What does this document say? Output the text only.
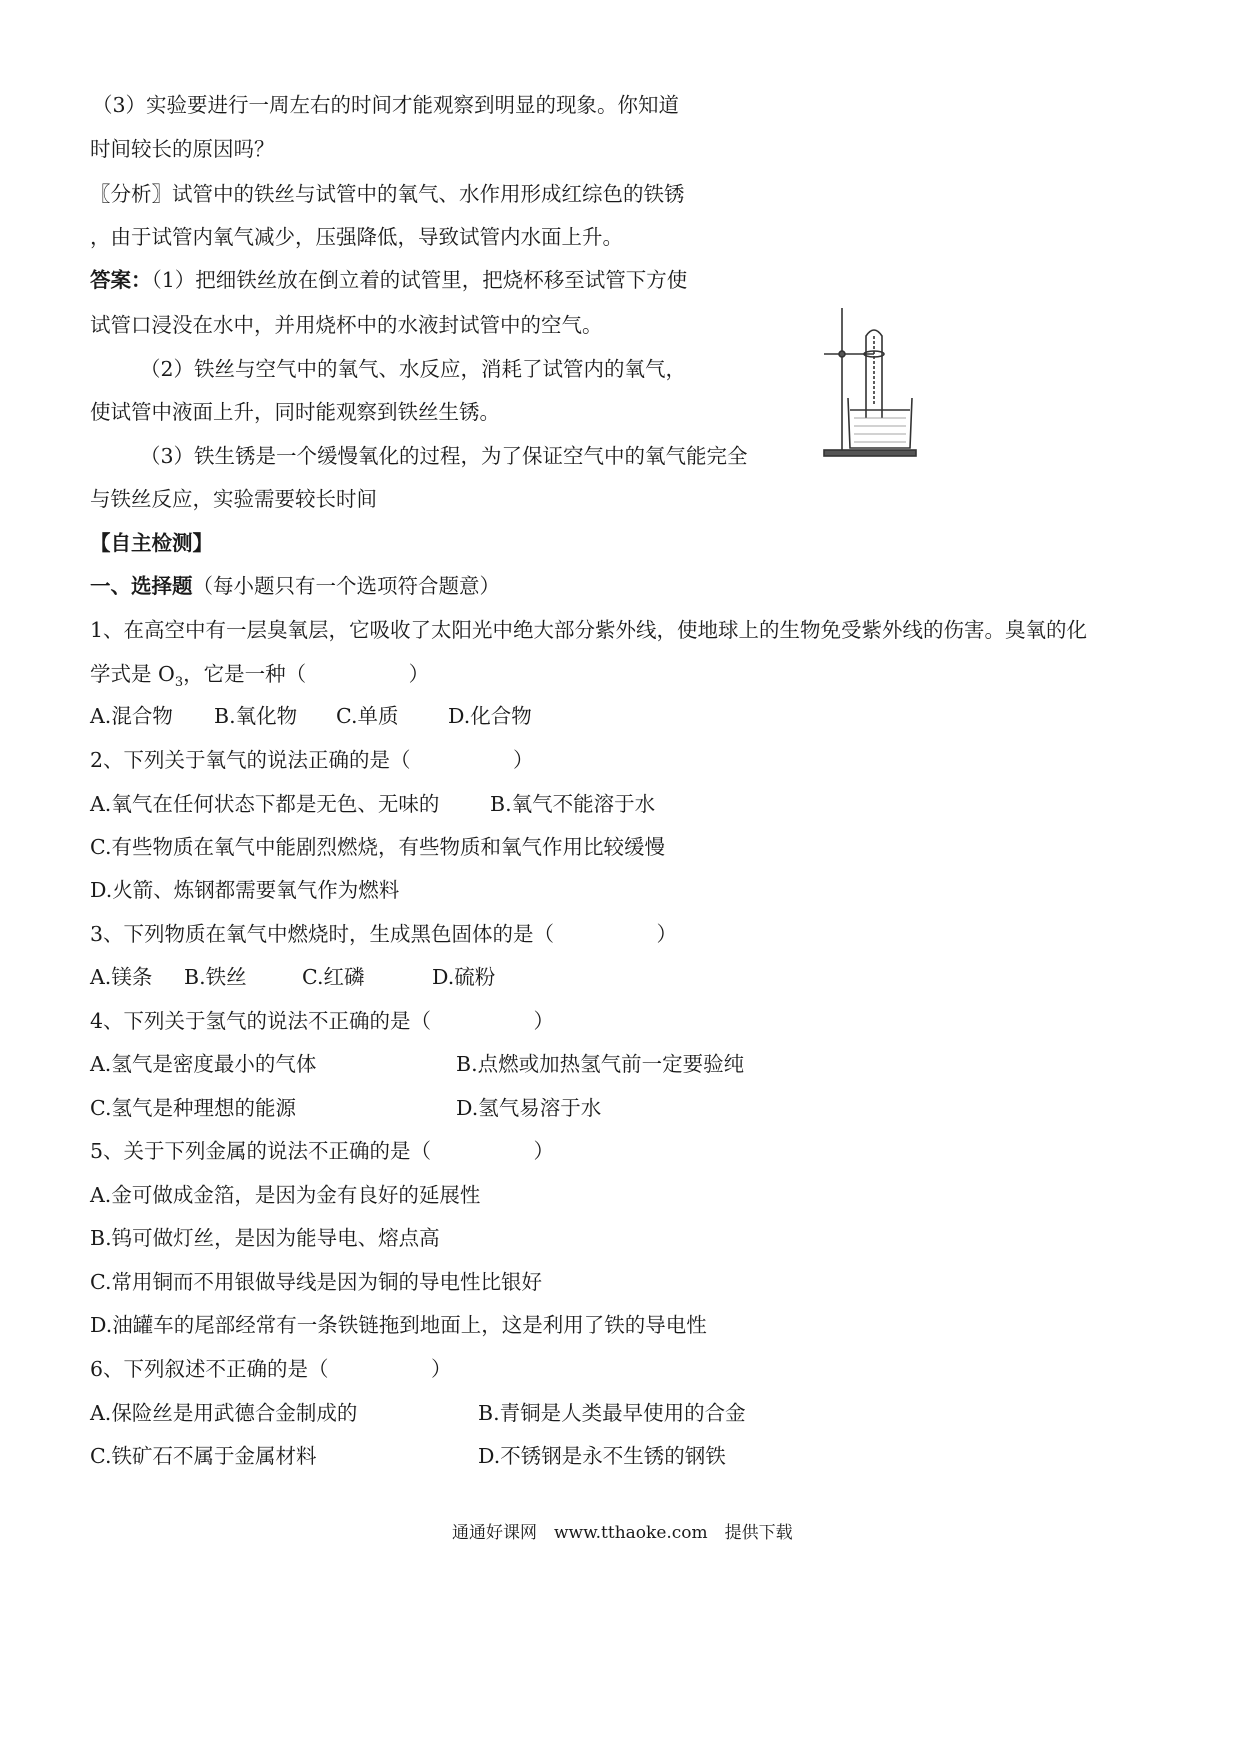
（3）实验要进行一周左右的时间才能观察到明显的现象。你知道
时间较长的原因吗？
〖分析〗试管中的铁丝与试管中的氧气、水作用形成红综色的铁锈
，由于试管内氧气减少，压强降低，导致试管内水面上升。
答案：（1）把细铁丝放在倒立着的试管里，把烧杯移至试管下方使
试管口浸没在水中，并用烧杯中的水液封试管中的空气。
（2）铁丝与空气中的氧气、水反应，消耗了试管内的氧气，
使试管中液面上升，同时能观察到铁丝生锈。
（3）铁生锈是一个缓慢氧化的过程，为了保证空气中的氧气能完全
与铁丝反应，实验需要较长时间
【自主检测】
一、选择题（每小题只有一个选项符合题意）
1、在高空中有一层臭氧层，它吸收了太阳光中绝大部分紫外线，使地球上的生物免受紫外线的伤害。臭氧的化
学式是 $O_3$，它是一种（　　　　　）
A.混合物 B.氧化物 C.单质 D.化合物
2、下列关于氧气的说法正确的是（　　　　　）
A.氧气在任何状态下都是无色、无味的 B.氧气不能溶于水
C.有些物质在氧气中能剧烈燃烧，有些物质和氧气作用比较缓慢
D.火箭、炼钢都需要氧气作为燃料
3、下列物质在氧气中燃烧时，生成黑色固体的是（　　　　　）
A.镁条 B.铁丝	C.红磷	D.硫粉
4、下列关于氢气的说法不正确的是（　　　　　）
A.氢气是密度最小的气体	B.点燃或加热氢气前一定要验纯
C.氢气是种理想的能源	D.氢气易溶于水
5、关于下列金属的说法不正确的是（　　　　　）
A.金可做成金箔，是因为金有良好的延展性
B.钨可做灯丝，是因为能导电、熔点高
C.常用铜而不用银做导线是因为铜的导电性比银好
D.油罐车的尾部经常有一条铁链拖到地面上，这是利用了铁的导电性
6、下列叙述不正确的是（　　　　　）
A.保险丝是用武德合金制成的	B.青铜是人类最早使用的合金
C.铁矿石不属于金属材料	D.不锈钢是永不生锈的钢铁
通通好课网　www.tthaoke.com　提供下载
